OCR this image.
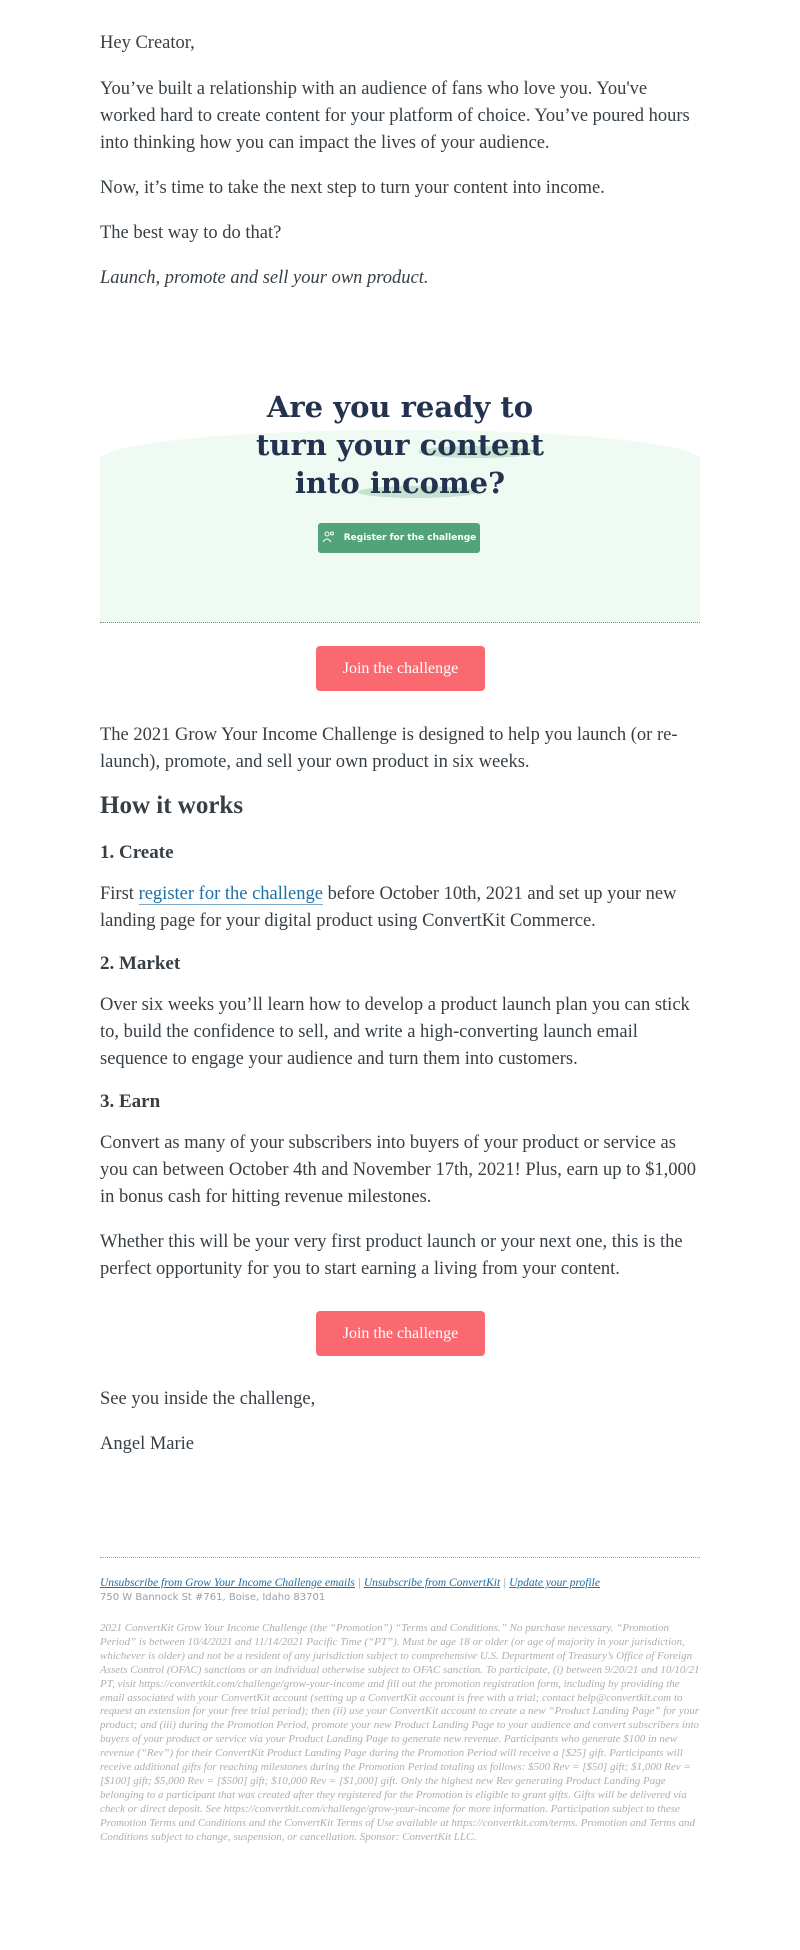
Hey Creator,

You’ve built a relationship with an audience of fans who love you. You've worked hard to create content for your platform of choice. You’ve poured hours into thinking how you can impact the lives of your audience.

Now, it’s time to take the next step to turn your content into income.

The best way to do that?

Launch, promote and sell your own product.

Are you ready to
turn your content
into income?
Register for the challenge
Join the challenge

The 2021 Grow Your Income Challenge is designed to help you launch (or re-launch), promote, and sell your own product in six weeks.

How it works
1. Create

First register for the challenge before October 10th, 2021 and set up your new landing page for your digital product using ConvertKit Commerce.

2. Market

Over six weeks you’ll learn how to develop a product launch plan you can stick to, build the confidence to sell, and write a high-converting launch email sequence to engage your audience and turn them into customers.

3. Earn

Convert as many of your subscribers into buyers of your product or service as you can between October 4th and November 17th, 2021! Plus, earn up to $1,000 in bonus cash for hitting revenue milestones.

Whether this will be your very first product launch or your next one, this is the perfect opportunity for you to start earning a living from your content.

Join the challenge

See you inside the challenge,

Angel Marie

Unsubscribe from Grow Your Income Challenge emails | Unsubscribe from ConvertKit | Update your profile
750 W Bannock St #761, Boise, Idaho 83701

2021 ConvertKit Grow Your Income Challenge (the “Promotion”) “Terms and Conditions.” No purchase necessary. “Promotion Period” is between 10/4/2021 and 11/14/2021 Pacific Time (“PT”). Must be age 18 or older (or age of majority in your jurisdiction, whichever is older) and not be a resident of any jurisdiction subject to comprehensive U.S. Department of Treasury’s Office of Foreign Assets Control (OFAC) sanctions or an individual otherwise subject to OFAC sanction. To participate, (i) between 9/20/21 and 10/10/21 PT, visit https://convertkit.com/challenge/grow-your-income and fill out the promotion registration form, including by providing the email associated with your ConvertKit account (setting up a ConvertKit account is free with a trial; contact help@convertkit.com to request an extension for your free trial period); then (ii) use your ConvertKit account to create a new “Product Landing Page” for your product; and (iii) during the Promotion Period, promote your new Product Landing Page to your audience and convert subscribers into buyers of your product or service via your Product Landing Page to generate new revenue. Participants who generate $100 in new revenue (“Rev”) for their ConvertKit Product Landing Page during the Promotion Period will receive a [$25] gift. Participants will receive additional gifts for reaching milestones during the Promotion Period totaling as follows: $500 Rev = [$50] gift; $1,000 Rev = [$100] gift; $5,000 Rev = [$500] gift; $10,000 Rev = [$1,000] gift. Only the highest new Rev generating Product Landing Page belonging to a participant that was created after they registered for the Promotion is eligible to grant gifts. Gifts will be delivered via check or direct deposit. See https://convertkit.com/challenge/grow-your-income for more information. Participation subject to these Promotion Terms and Conditions and the ConvertKit Terms of Use available at https://convertkit.com/terms. Promotion and Terms and Conditions subject to change, suspension, or cancellation. Sponsor: ConvertKit LLC.
